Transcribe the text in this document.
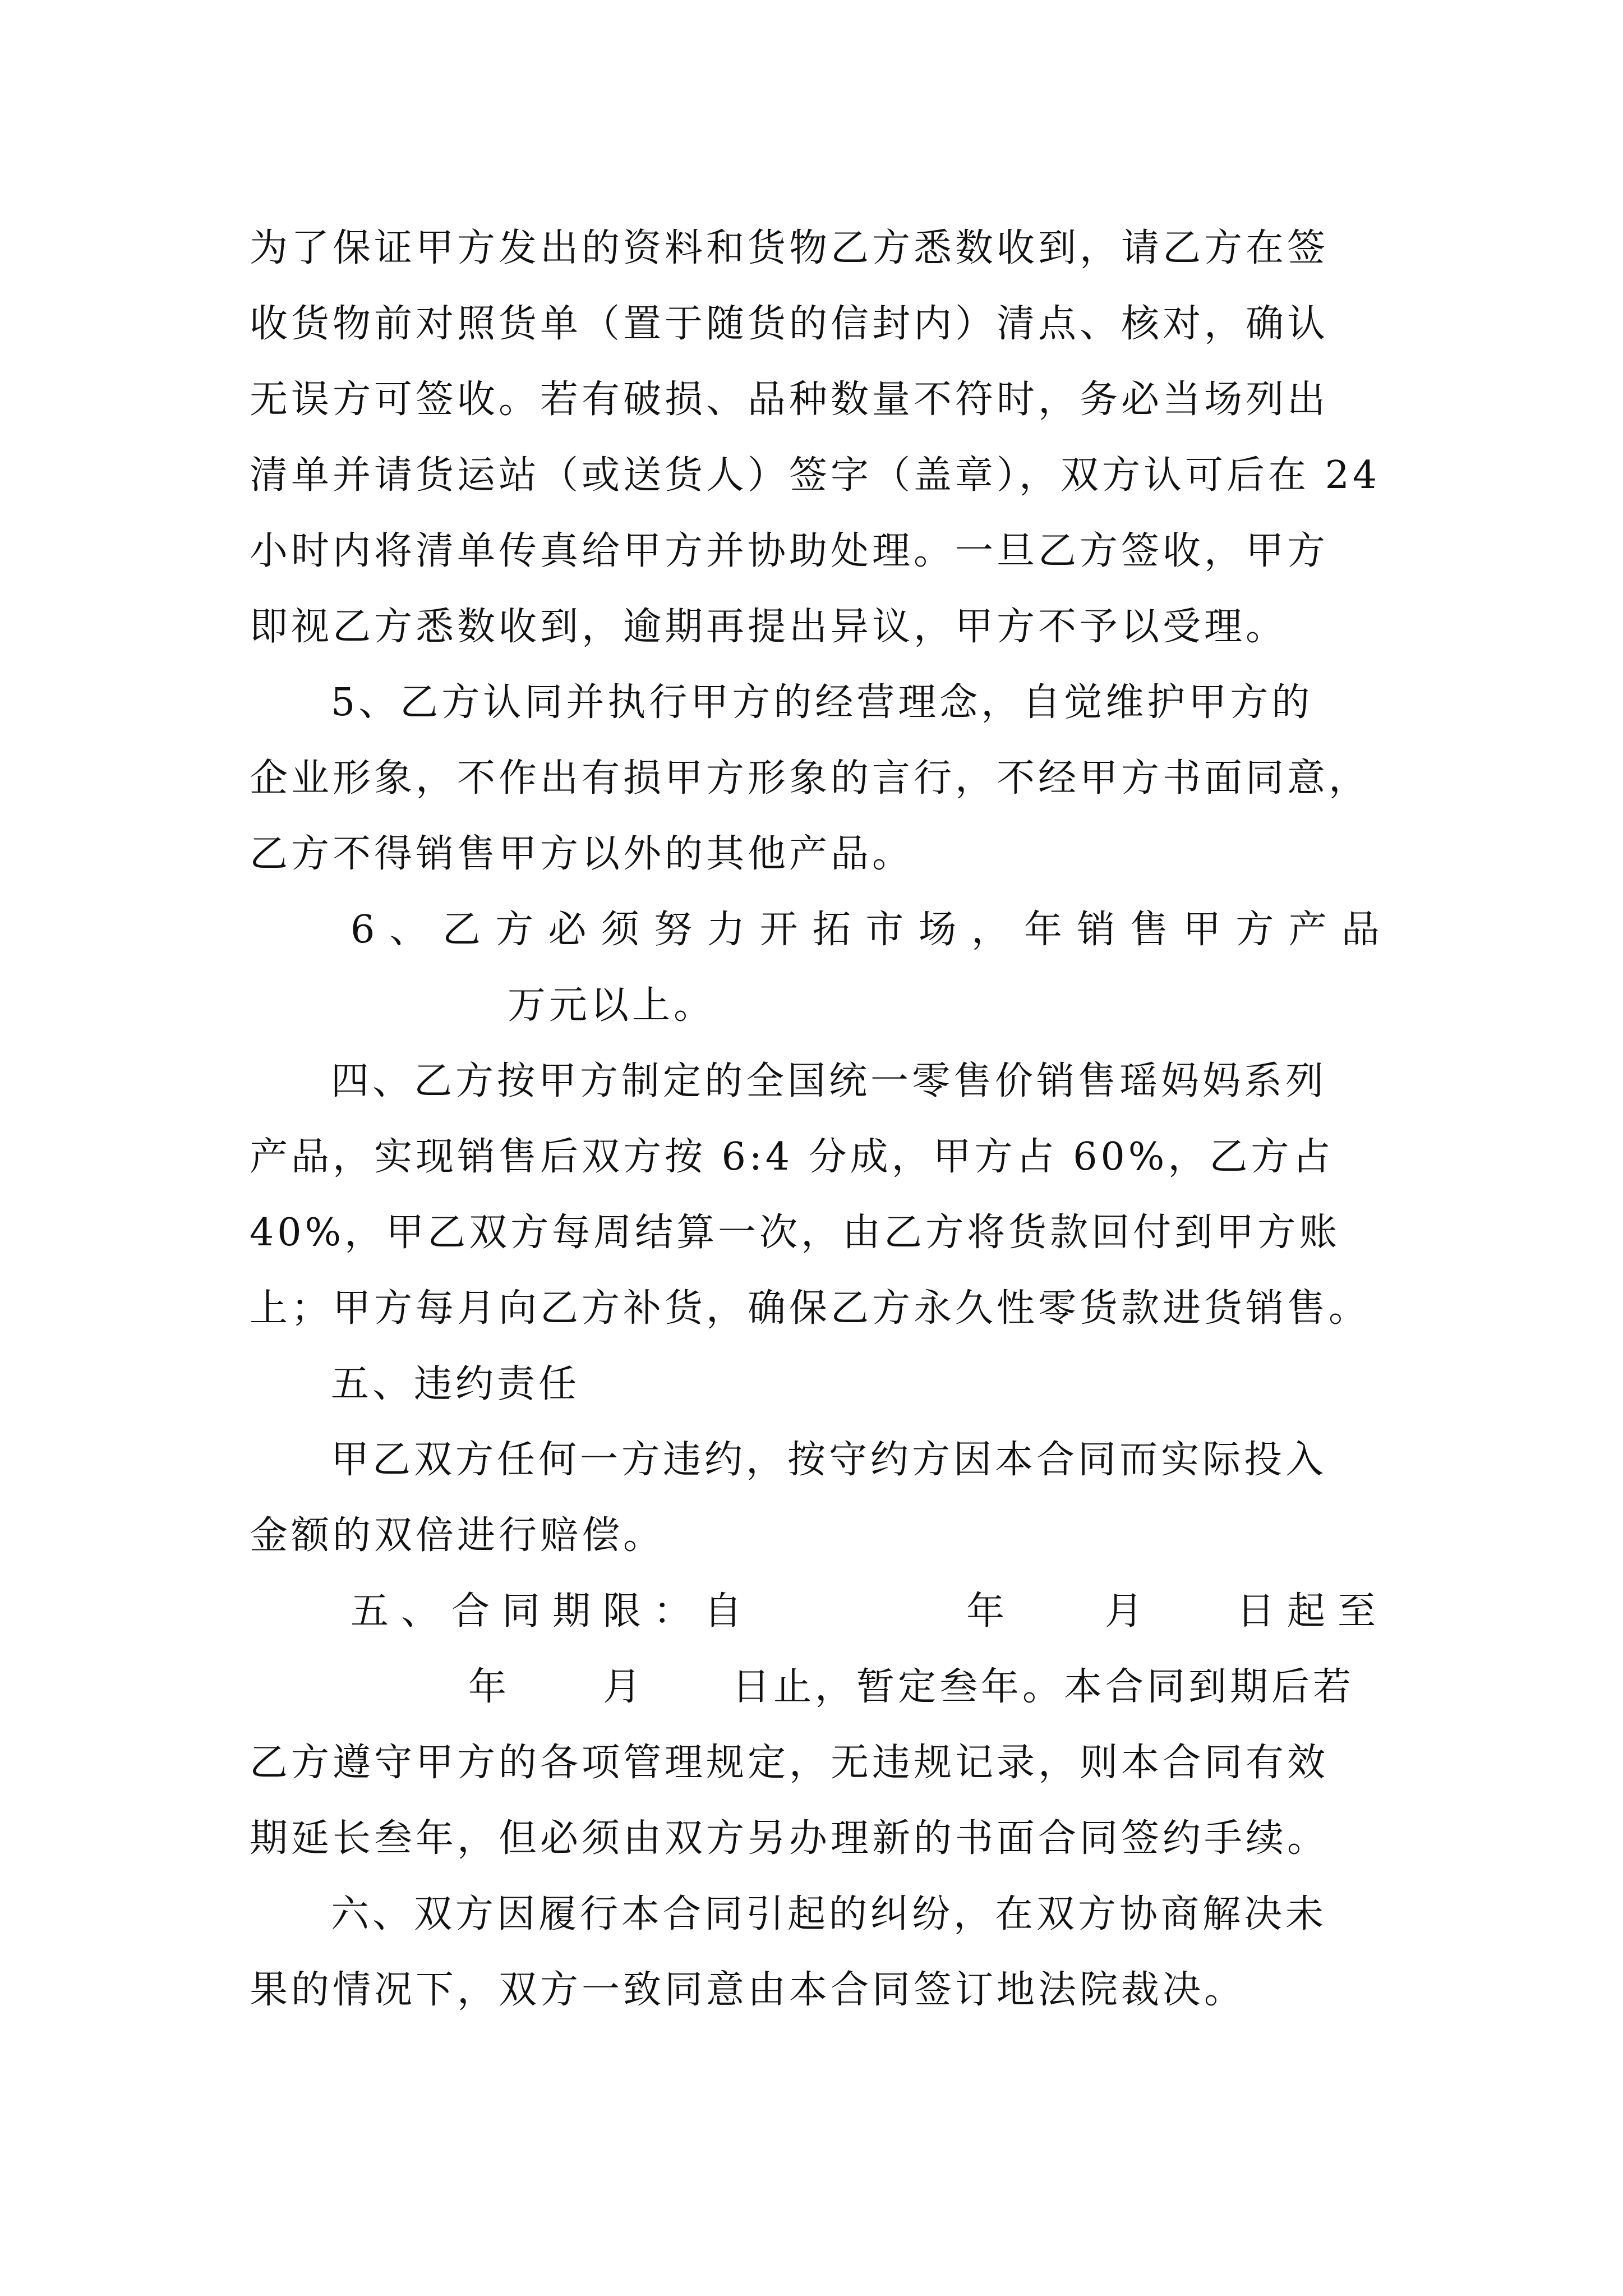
为了保证甲方发出的资料和货物乙方悉数收到，请乙方在签
收货物前对照货单（置于随货的信封内）清点、核对，确认
无误方可签收。若有破损、品种数量不符时，务必当场列出
清单并请货运站（或送货人）签字（盖章），双方认可后在 24
小时内将清单传真给甲方并协助处理。一旦乙方签收，甲方
即视乙方悉数收到，逾期再提出异议，甲方不予以受理。
5、乙方认同并执行甲方的经营理念，自觉维护甲方的
企业形象，不作出有损甲方形象的言行，不经甲方书面同意，
乙方不得销售甲方以外的其他产品。
6 、 乙 方 必 须 努 力 开 拓 市 场 ， 年 销 售 甲 方 产 品
万元以上。
四、乙方按甲方制定的全国统一零售价销售瑶妈妈系列
产品，实现销售后双方按 6:4 分成，甲方占 60%，乙方占
40%，甲乙双方每周结算一次，由乙方将货款回付到甲方账
上；甲方每月向乙方补货，确保乙方永久性零货款进货销售。
五、违约责任
甲乙双方任何一方违约，按守约方因本合同而实际投入
金额的双倍进行赔偿。
五、合同期限：自	年 月 日起至
年 月 日止，暂定叁年。本合同到期后若
乙方遵守甲方的各项管理规定，无违规记录，则本合同有效
期延长叁年，但必须由双方另办理新的书面合同签约手续。
六、双方因履行本合同引起的纠纷，在双方协商解决未
果的情况下，双方一致同意由本合同签订地法院裁决。
